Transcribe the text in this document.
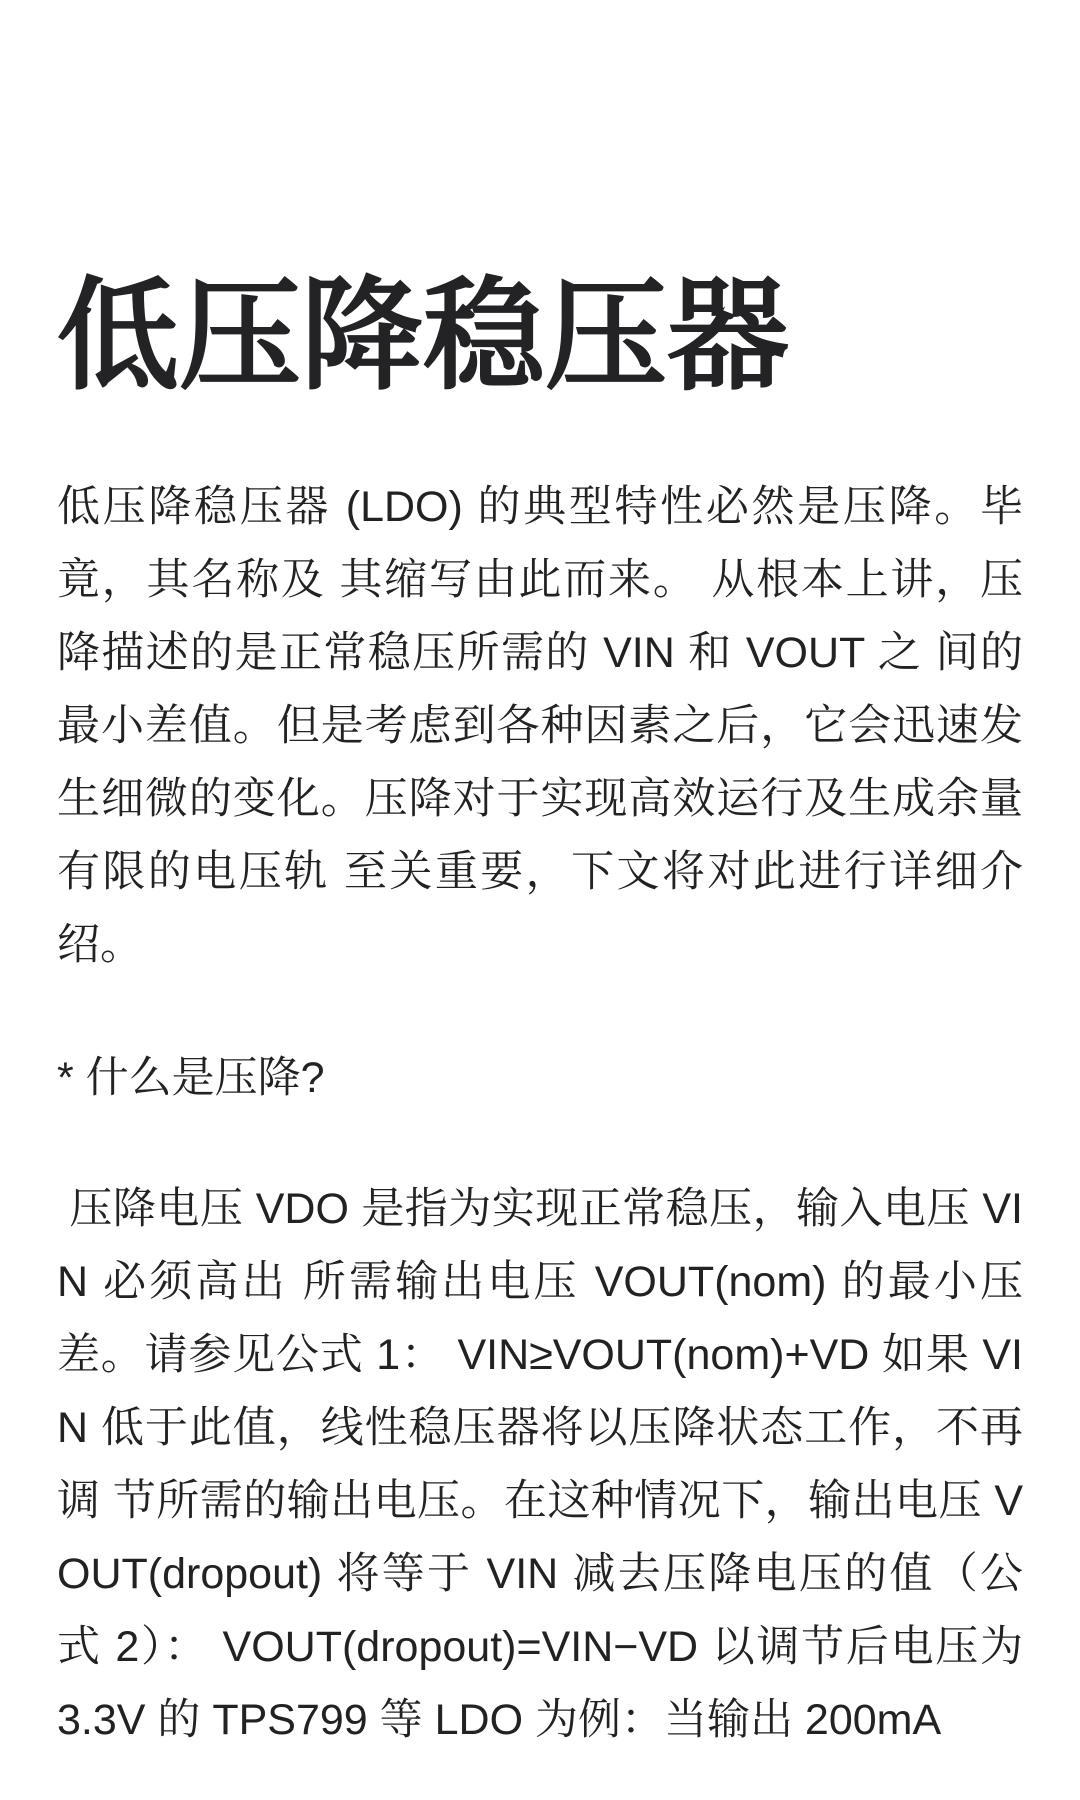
低压降稳压器

低压降稳压器 (LDO) 的典型特性必然是压降。毕竟，其名称及 其缩写由此而来。 从根本上讲，压降描述的是正常稳压所需的 VIN 和 VOUT 之 间的最小差值。但是考虑到各种因素之后，它会迅速发生细微的变化。压降对于实现高效运行及生成余量有限的电压轨 至关重要，下文将对此进行详细介绍。

* 什么是压降?

压降电压 VDO 是指为实现正常稳压，输入电压 VIN 必须高出 所需输出电压 VOUT(nom) 的最小压差。请参见公式 1： VIN≥VOUT(nom)+VD 如果 VIN 低于此值，线性稳压器将以压降状态工作，不再调 节所需的输出电压。在这种情况下，输出电压 VOUT(dropout) 将等于 VIN 减去压降电压的值（公式 2）： VOUT(dropout)=VIN−VD 以调节后电压为 3.3V 的 TPS799 等 LDO 为例：当输出 200mA
